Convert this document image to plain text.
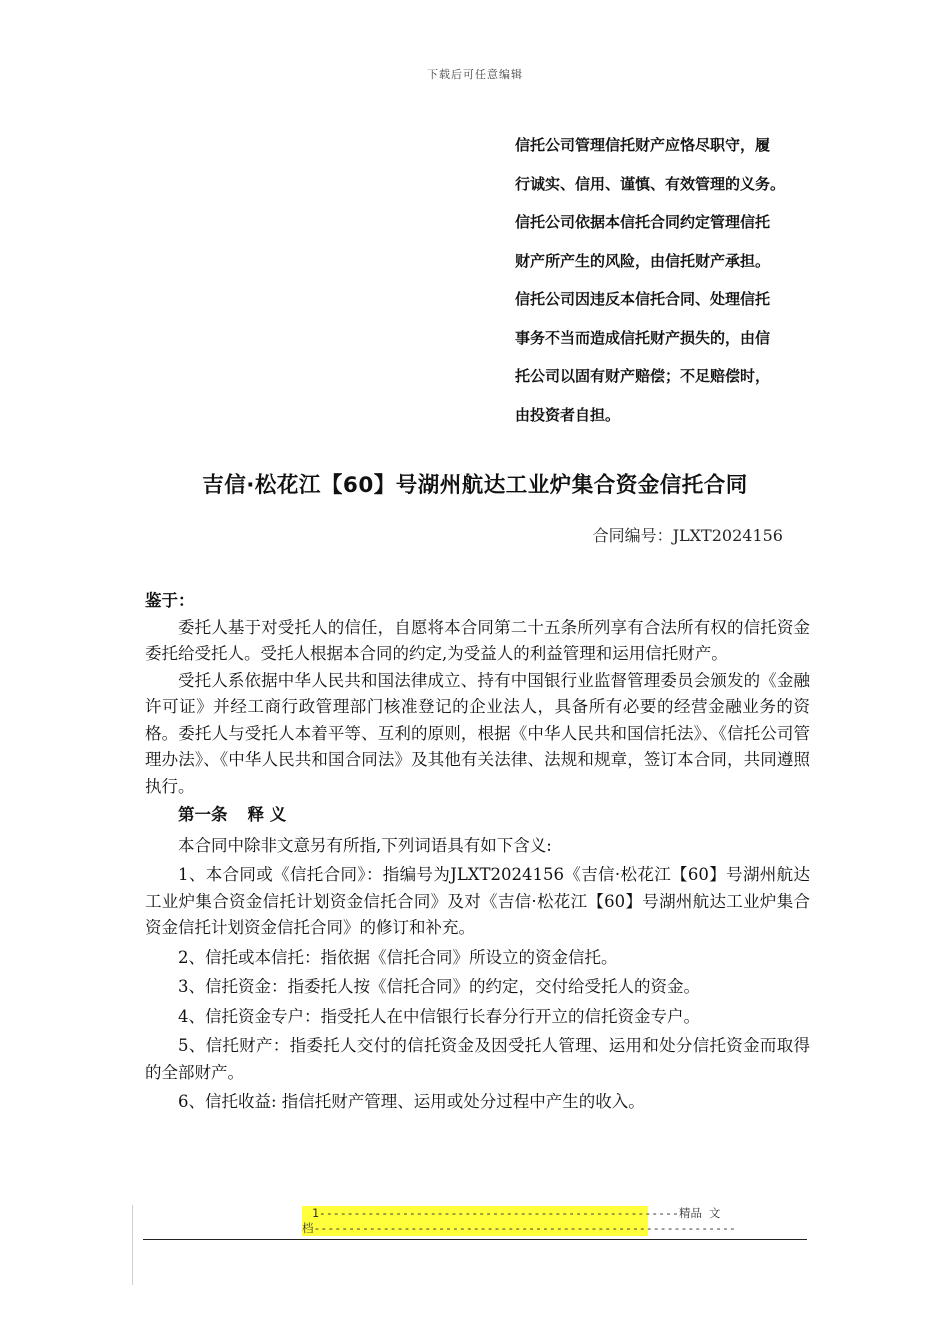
下载后可任意编辑
信托公司管理信托财产应恪尽职守，履
行诚实、信用、谨慎、有效管理的义务。
信托公司依据本信托合同约定管理信托
财产所产生的风险，由信托财产承担。
信托公司因违反本信托合同、处理信托
事务不当而造成信托财产损失的，由信
托公司以固有财产赔偿；不足赔偿时，
由投资者自担。
吉信·松花江【60】号湖州航达工业炉集合资金信托合同
合同编号：JLXT2024156
鉴于：

委托人基于对受托人的信任，自愿将本合同第二十五条所列享有合法所有权的信托资金委托给受托人。受托人根据本合同的约定,为受益人的利益管理和运用信托财产。

受托人系依据中华人民共和国法律成立、持有中国银行业监督管理委员会颁发的《金融许可证》并经工商行政管理部门核准登记的企业法人，具备所有必要的经营金融业务的资格。委托人与受托人本着平等、互利的原则，根据《中华人民共和国信托法》、《信托公司管理办法》、《中华人民共和国合同法》及其他有关法律、法规和规章，签订本合同，共同遵照执行。

第一条 释 义

本合同中除非文意另有所指,下列词语具有如下含义:

1、本合同或《信托合同》：指编号为JLXT2024156《吉信·松花江【60】号湖州航达工业炉集合资金信托计划资金信托合同》及对《吉信·松花江【60】号湖州航达工业炉集合资金信托计划资金信托合同》的修订和补充。

2、信托或本信托：指依据《信托合同》所设立的资金信托。

3、信托资金：指委托人按《信托合同》的约定，交付给受托人的资金。

4、信托资金专户：指受托人在中信银行长春分行开立的信托资金专户。

5、信托财产：指委托人交付的信托资金及因受托人管理、运用和处分信托资金而取得的全部财产。

6、信托收益: 指信托财产管理、运用或处分过程中产生的收入。

1----------------------------------------------------精品 文
档-------------------------------------------------------------
